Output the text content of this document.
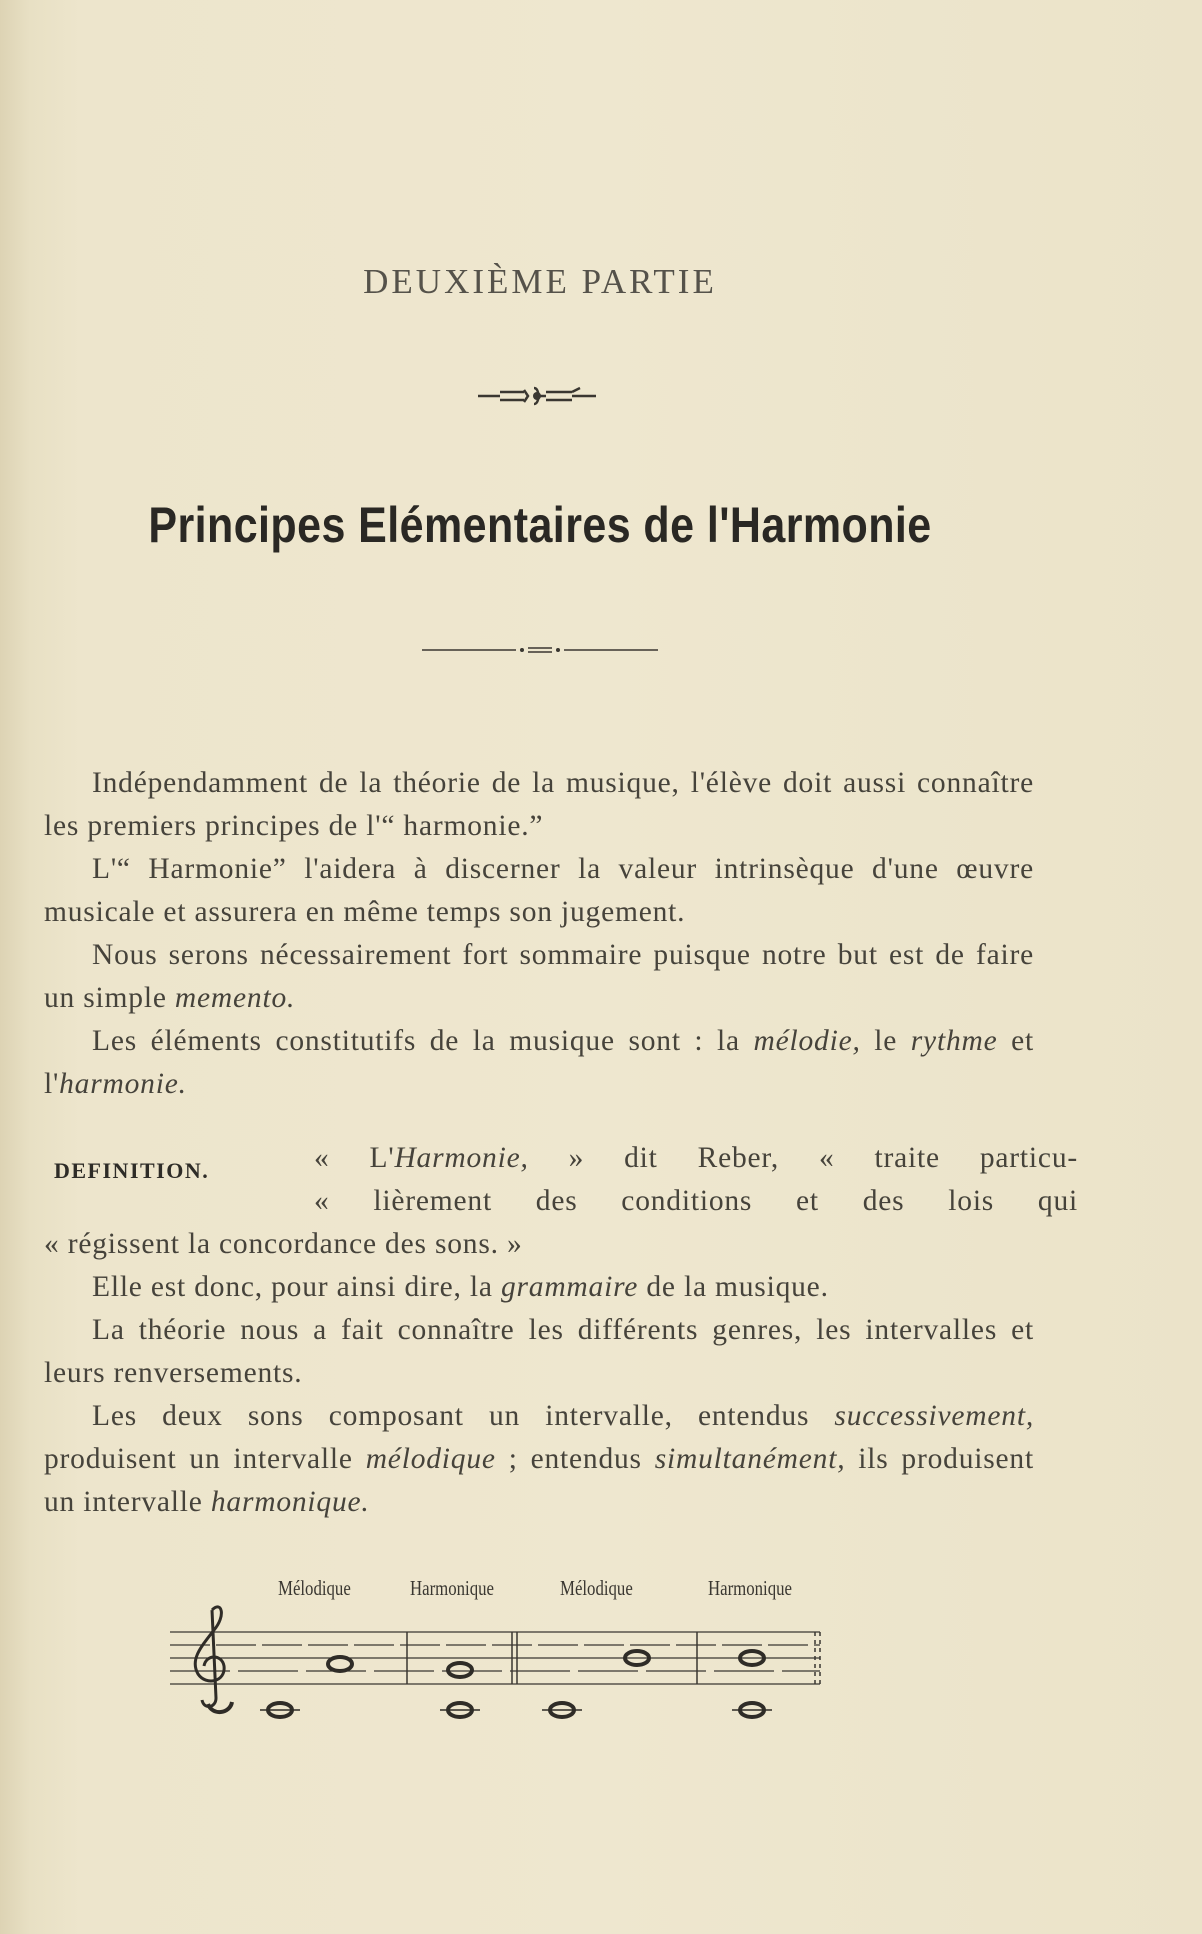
DEUXIÈME PARTIE
Principes Elémentaires de l'Harmonie

Indépendamment de la théorie de la musique, l'élève doit aussi connaître les premiers principes de l'“ harmonie.”

L'“ Harmonie” l'aidera à discerner la valeur intrinsèque d'une œuvre musicale et assurera en même temps son jugement.

Nous serons nécessairement fort sommaire puisque notre but est de faire un simple memento.

Les éléments constitutifs de la musique sont : la mélodie, le rythme et l'harmonie.

DEFINITION.	« L'Harmonie, » dit Reber, « traite particu-

« lièrement des conditions et des lois qui

« régissent la concordance des sons. »

Elle est donc, pour ainsi dire, la grammaire de la musique.

La théorie nous a fait connaître les différents genres, les intervalles et leurs renversements.

Les deux sons composant un intervalle, entendus successivement, produisent un intervalle mélodique ; entendus simultanément, ils produisent un intervalle harmonique.

Mélodique	Harmonique	Mélodique	Harmonique
